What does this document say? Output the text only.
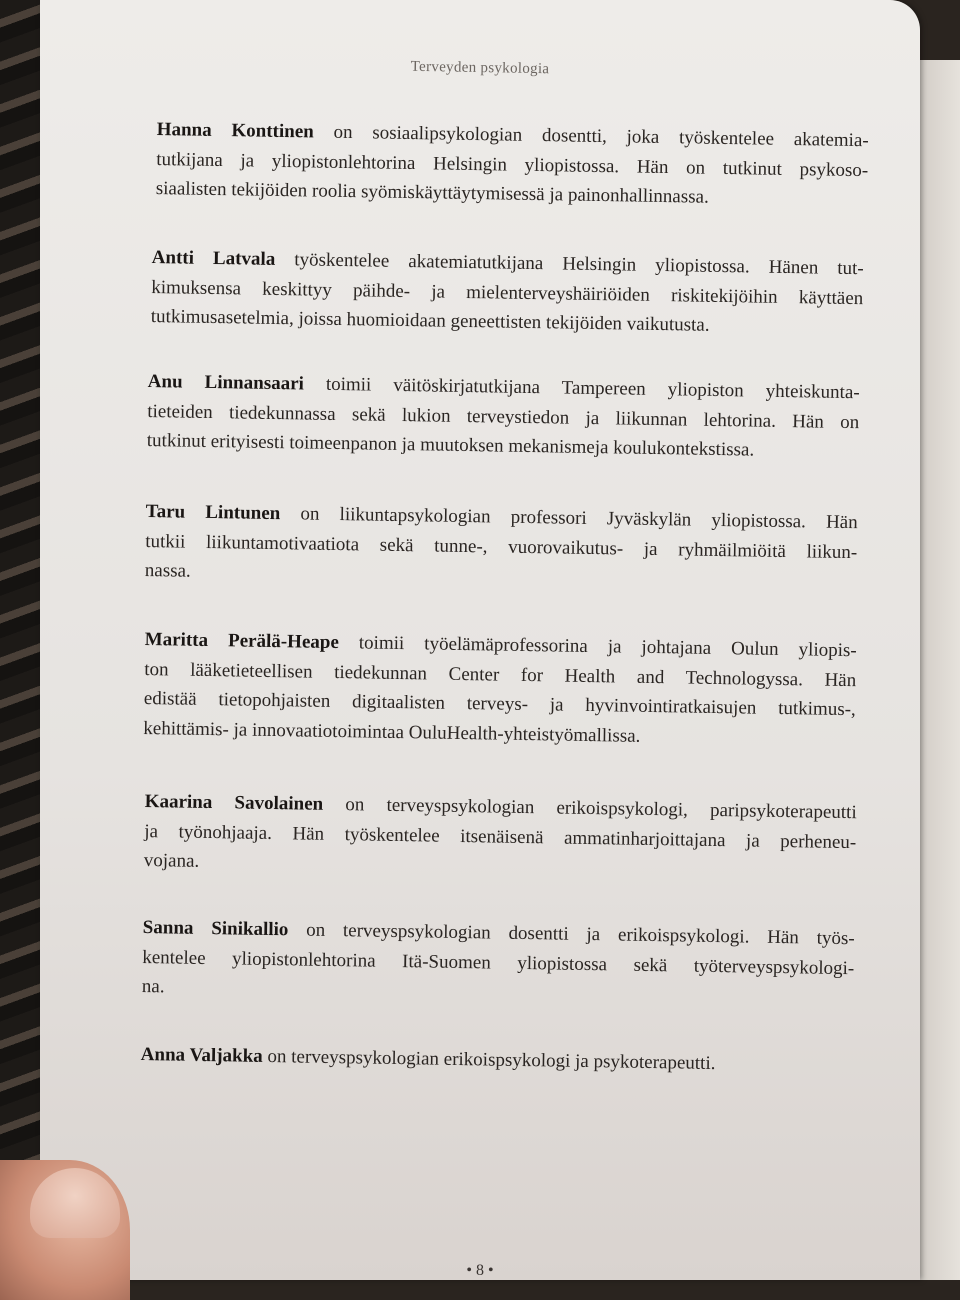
Terveyden psykologia
Hanna Konttinen on sosiaalipsykologian dosentti, joka työskentelee akatemia-
tutkijana ja yliopistonlehtorina Helsingin yliopistossa. Hän on tutkinut psykoso-
siaalisten tekijöiden roolia syömiskäyttäytymisessä ja painonhallinnassa.
Antti Latvala työskentelee akatemiatutkijana Helsingin yliopistossa. Hänen tut-
kimuksensa keskittyy päihde- ja mielenterveyshäiriöiden riskitekijöihin käyttäen
tutkimusasetelmia, joissa huomioidaan geneettisten tekijöiden vaikutusta.
Anu Linnansaari toimii väitöskirjatutkijana Tampereen yliopiston yhteiskunta-
tieteiden tiedekunnassa sekä lukion terveystiedon ja liikunnan lehtorina. Hän on
tutkinut erityisesti toimeenpanon ja muutoksen mekanismeja koulukontekstissa.
Taru Lintunen on liikuntapsykologian professori Jyväskylän yliopistossa. Hän
tutkii liikuntamotivaatiota sekä tunne-, vuorovaikutus- ja ryhmäilmiöitä liikun-
nassa.
Maritta Perälä-Heape toimii työelämäprofessorina ja johtajana Oulun yliopis-
ton lääketieteellisen tiedekunnan Center for Health and Technologyssa. Hän
edistää tietopohjaisten digitaalisten terveys- ja hyvinvointiratkaisujen tutkimus-,
kehittämis- ja innovaatiotoimintaa OuluHealth-yhteistyömallissa.
Kaarina Savolainen on terveyspsykologian erikoispsykologi, paripsykoterapeutti
ja työnohjaaja. Hän työskentelee itsenäisenä ammatinharjoittajana ja perheneu-
vojana.
Sanna Sinikallio on terveyspsykologian dosentti ja erikoispsykologi. Hän työs-
kentelee yliopistonlehtorina Itä-Suomen yliopistossa sekä työterveyspsykologi-
na.
Anna Valjakka on terveyspsykologian erikoispsykologi ja psykoterapeutti.
• 8 •
